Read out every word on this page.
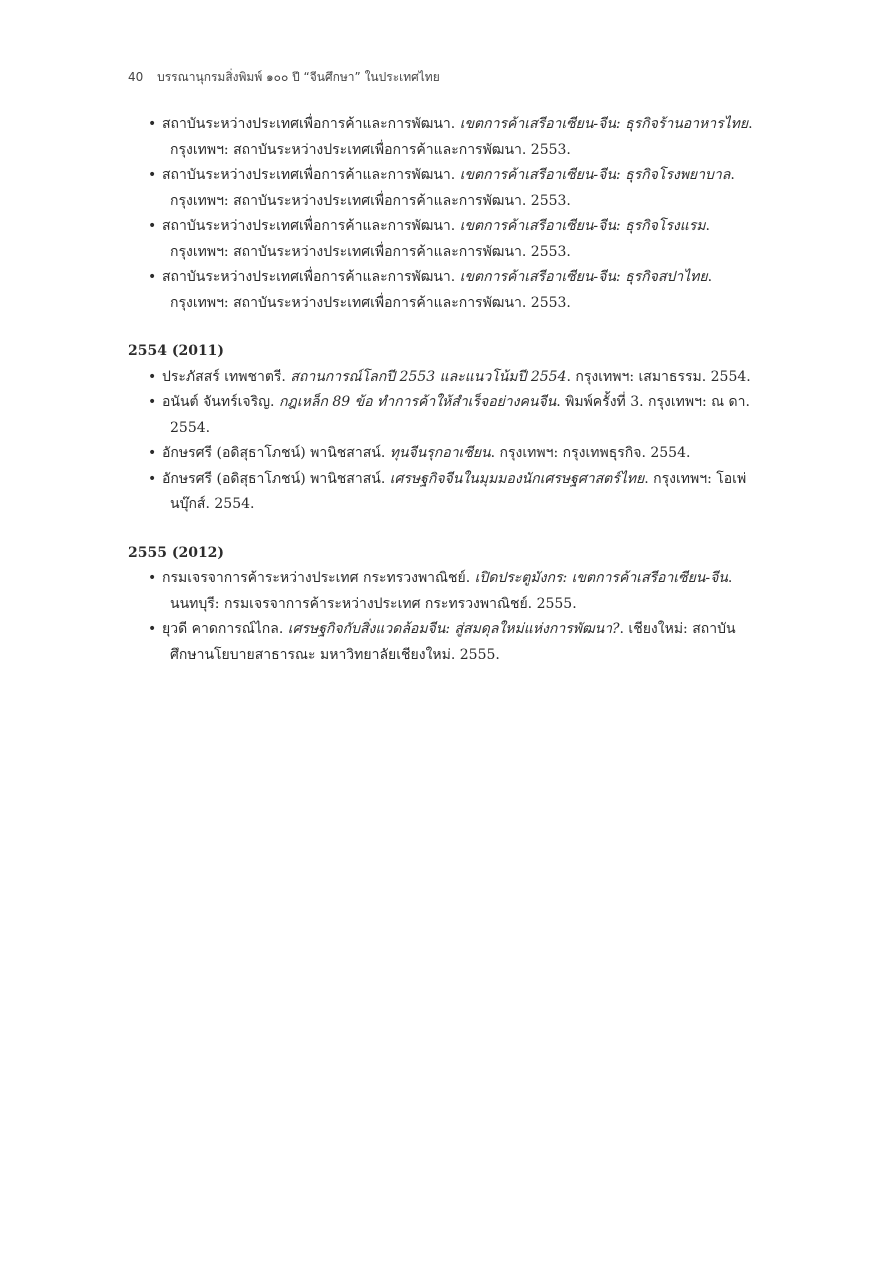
40 บรรณานุกรมสิ่งพิมพ์ ๑๐๐ ปี “จีนศึกษา” ในประเทศไทย
• สถาบันระหว่างประเทศเพื่อการค้าและการพัฒนา. เขตการค้าเสรีอาเซียน-จีน: ธุรกิจร้านอาหารไทย. กรุงเทพฯ: สถาบันระหว่างประเทศเพื่อการค้าและการพัฒนา. 2553.
• สถาบันระหว่างประเทศเพื่อการค้าและการพัฒนา. เขตการค้าเสรีอาเซียน-จีน: ธุรกิจโรงพยาบาล. กรุงเทพฯ: สถาบันระหว่างประเทศเพื่อการค้าและการพัฒนา. 2553.
• สถาบันระหว่างประเทศเพื่อการค้าและการพัฒนา. เขตการค้าเสรีอาเซียน-จีน: ธุรกิจโรงแรม. กรุงเทพฯ: สถาบันระหว่างประเทศเพื่อการค้าและการพัฒนา. 2553.
• สถาบันระหว่างประเทศเพื่อการค้าและการพัฒนา. เขตการค้าเสรีอาเซียน-จีน: ธุรกิจสปาไทย. กรุงเทพฯ: สถาบันระหว่างประเทศเพื่อการค้าและการพัฒนา. 2553.
2554 (2011)
• ประภัสสร์ เทพชาตรี. สถานการณ์โลกปี 2553 และแนวโน้มปี 2554. กรุงเทพฯ: เสมาธรรม. 2554.
• อนันต์ จันทร์เจริญ. กฎเหล็ก 89 ข้อ ทำการค้าให้สำเร็จอย่างคนจีน. พิมพ์ครั้งที่ 3. กรุงเทพฯ: ณ ดา. 2554.
• อักษรศรี (อดิสุธาโภชน์) พานิชสาสน์. ทุนจีนรุกอาเซียน. กรุงเทพฯ: กรุงเทพธุรกิจ. 2554.
• อักษรศรี (อดิสุธาโภชน์) พานิชสาสน์. เศรษฐกิจจีนในมุมมองนักเศรษฐศาสตร์ไทย. กรุงเทพฯ: โอเพ่นบุ๊กส์. 2554.
2555 (2012)
• กรมเจรจาการค้าระหว่างประเทศ กระทรวงพาณิชย์. เปิดประตูมังกร: เขตการค้าเสรีอาเซียน-จีน. นนทบุรี: กรมเจรจาการค้าระหว่างประเทศ กระทรวงพาณิชย์. 2555.
• ยุวดี คาดการณ์ไกล. เศรษฐกิจกับสิ่งแวดล้อมจีน: สู่สมดุลใหม่แห่งการพัฒนา?. เชียงใหม่: สถาบันศึกษานโยบายสาธารณะ มหาวิทยาลัยเชียงใหม่. 2555.
